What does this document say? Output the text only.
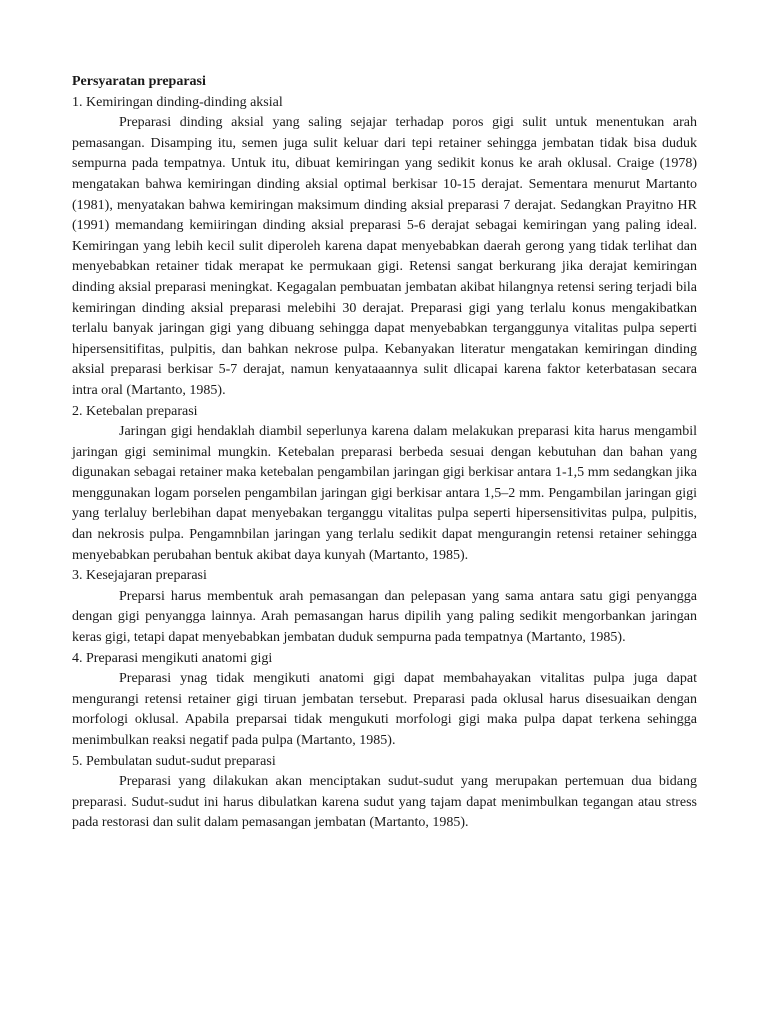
Persyaratan preparasi

1. Kemiringan dinding-dinding aksial

Preparasi dinding aksial yang saling sejajar terhadap poros gigi sulit untuk menentukan arah pemasangan. Disamping itu, semen juga sulit keluar dari tepi retainer sehingga jembatan tidak bisa duduk sempurna pada tempatnya. Untuk itu, dibuat kemiringan yang sedikit konus ke arah oklusal. Craige (1978) mengatakan bahwa kemiringan dinding aksial optimal berkisar 10-15 derajat. Sementara menurut Martanto (1981), menyatakan bahwa kemiringan maksimum dinding aksial preparasi 7 derajat. Sedangkan Prayitno HR (1991) memandang kemiiringan dinding aksial preparasi 5-6 derajat sebagai kemiringan yang paling ideal. Kemiringan yang lebih kecil sulit diperoleh karena dapat menyebabkan daerah gerong yang tidak terlihat dan menyebabkan retainer tidak merapat ke permukaan gigi. Retensi sangat berkurang jika derajat kemiringan dinding aksial preparasi meningkat. Kegagalan pembuatan jembatan akibat hilangnya retensi sering terjadi bila kemiringan dinding aksial preparasi melebihi 30 derajat. Preparasi gigi yang terlalu konus mengakibatkan terlalu banyak jaringan gigi yang dibuang sehingga dapat menyebabkan terganggunya vitalitas pulpa seperti hipersensitifitas, pulpitis, dan bahkan nekrose pulpa. Kebanyakan literatur mengatakan kemiringan dinding aksial preparasi berkisar 5-7 derajat, namun kenyataaannya sulit dlicapai karena faktor keterbatasan secara intra oral (Martanto, 1985).

2. Ketebalan preparasi

Jaringan gigi hendaklah diambil seperlunya karena dalam melakukan preparasi kita harus mengambil jaringan gigi seminimal mungkin. Ketebalan preparasi berbeda sesuai dengan kebutuhan dan bahan yang digunakan sebagai retainer maka ketebalan pengambilan jaringan gigi berkisar antara 1-1,5 mm sedangkan jika menggunakan logam porselen pengambilan jaringan gigi berkisar antara 1,5–2 mm. Pengambilan jaringan gigi yang terlaluy berlebihan dapat menyebakan terganggu vitalitas pulpa seperti hipersensitivitas pulpa, pulpitis, dan nekrosis pulpa. Pengamnbilan jaringan yang terlalu sedikit dapat mengurangin retensi retainer sehingga menyebabkan perubahan bentuk akibat daya kunyah (Martanto, 1985).

3. Kesejajaran preparasi

Preparsi harus membentuk arah pemasangan dan pelepasan yang sama antara satu gigi penyangga dengan gigi penyangga lainnya. Arah pemasangan harus dipilih yang paling sedikit mengorbankan jaringan keras gigi, tetapi dapat menyebabkan jembatan duduk sempurna pada tempatnya (Martanto, 1985).

4. Preparasi mengikuti anatomi gigi

Preparasi ynag tidak mengikuti anatomi gigi dapat membahayakan vitalitas pulpa juga dapat mengurangi retensi retainer gigi tiruan jembatan tersebut. Preparasi pada oklusal harus disesuaikan dengan morfologi oklusal. Apabila preparsai tidak mengukuti morfologi gigi maka pulpa dapat terkena sehingga menimbulkan reaksi negatif pada pulpa (Martanto, 1985).

5. Pembulatan sudut-sudut preparasi

Preparasi yang dilakukan akan menciptakan sudut-sudut yang merupakan pertemuan dua bidang preparasi. Sudut-sudut ini harus dibulatkan karena sudut yang tajam dapat menimbulkan tegangan atau stress pada restorasi dan sulit dalam pemasangan jembatan (Martanto, 1985).
